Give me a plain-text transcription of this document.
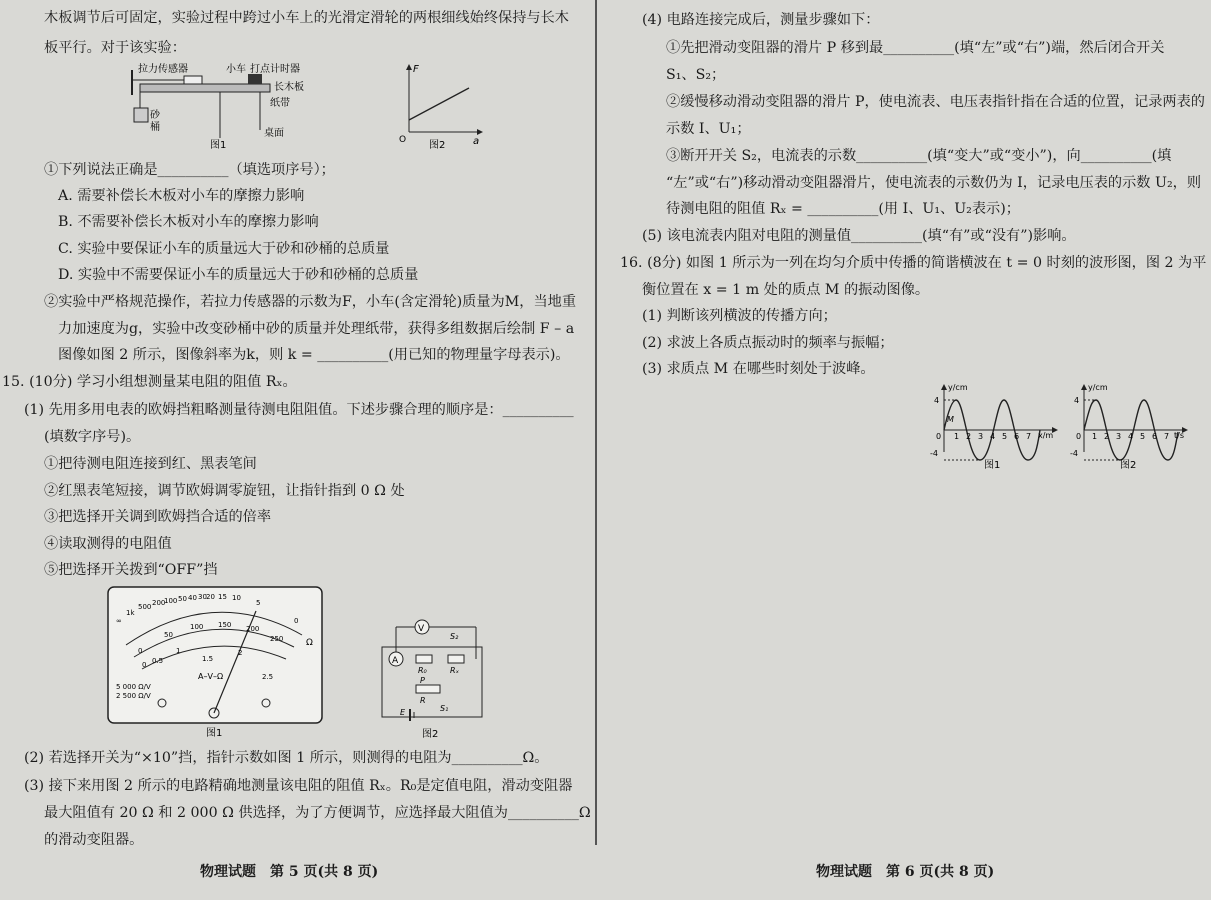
木板调节后可固定，实验过程中跨过小车上的光滑定滑轮的两根细线始终保持与长木
板平行。对于该实验：
拉力传感器	小车 打点计时器
长木板
纸带
砂
桶
桌面
图1
F
a
O 图2
①下列说法正确是__________（填选项序号）；
A. 需要补偿长木板对小车的摩擦力影响
B. 不需要补偿长木板对小车的摩擦力影响
C. 实验中要保证小车的质量远大于砂和砂桶的总质量
D. 实验中不需要保证小车的质量远大于砂和砂桶的总质量
②实验中严格规范操作，若拉力传感器的示数为F，小车(含定滑轮)质量为M，当地重
力加速度为g，实验中改变砂桶中砂的质量并处理纸带，获得多组数据后绘制 F – a
图像如图 2 所示，图像斜率为k，则 k = __________(用已知的物理量字母表示)。
15. (10分) 学习小组想测量某电阻的阻值 Rₓ。
(1) 先用多用电表的欧姆挡粗略测量待测电阻阻值。下述步骤合理的顺序是：__________
(填数字序号)。
①把待测电阻连接到红、黑表笔间
②红黑表笔短接，调节欧姆调零旋钮，让指针指到 0 Ω 处
③把选择开关调到欧姆挡合适的倍率
④读取测得的电阻值
⑤把选择开关拨到“OFF”挡
∞
1k
500 200
100 50 40 30 20 15 10
5
0
Ω
0
50
100 150 200
250
0 0.5
1
1.5
2
2.5
A–V–Ω
5 000 Ω/V
2 500 Ω/V
图1
V
A
R₀	Rₓ
S₂
P
R
E	S₁
图2
(2) 若选择开关为“×10”挡，指针示数如图 1 所示，则测得的电阻为__________Ω。
(3) 接下来用图 2 所示的电路精确地测量该电阻的阻值 Rₓ。R₀是定值电阻，滑动变阻器
最大阻值有 20 Ω 和 2 000 Ω 供选择，为了方便调节，应选择最大阻值为__________Ω
的滑动变阻器。
物理试题　第 5 页(共 8 页)
(4) 电路连接完成后，测量步骤如下：
①先把滑动变阻器的滑片 P 移到最__________(填“左”或“右”)端，然后闭合开关
S₁、S₂；
②缓慢移动滑动变阻器的滑片 P，使电流表、电压表指针指在合适的位置，记录两表的
示数 I、U₁；
③断开开关 S₂，电流表的示数__________(填“变大”或“变小”)，向__________(填
“左”或“右”)移动滑动变阻器滑片，使电流表的示数仍为 I，记录电压表的示数 U₂，则
待测电阻的阻值 Rₓ = __________(用 I、U₁、U₂表示)；
(5) 该电流表内阻对电阻的测量值__________(填“有”或“没有”)影响。
16. (8分) 如图 1 所示为一列在均匀介质中传播的简谐横波在 t = 0 时刻的波形图，图 2 为平
衡位置在 x = 1 m 处的质点 M 的振动图像。
(1) 判断该列横波的传播方向；
(2) 求波上各质点振动时的频率与振幅；
(3) 求质点 M 在哪些时刻处于波峰。
y/cm
x/m
M
4
-4
0 1 2 3 4 5 6 7
图1
y/cm
t/s
4
-4
0 1 2 3 4 5 6 7
图2
物理试题　第 6 页(共 8 页)
